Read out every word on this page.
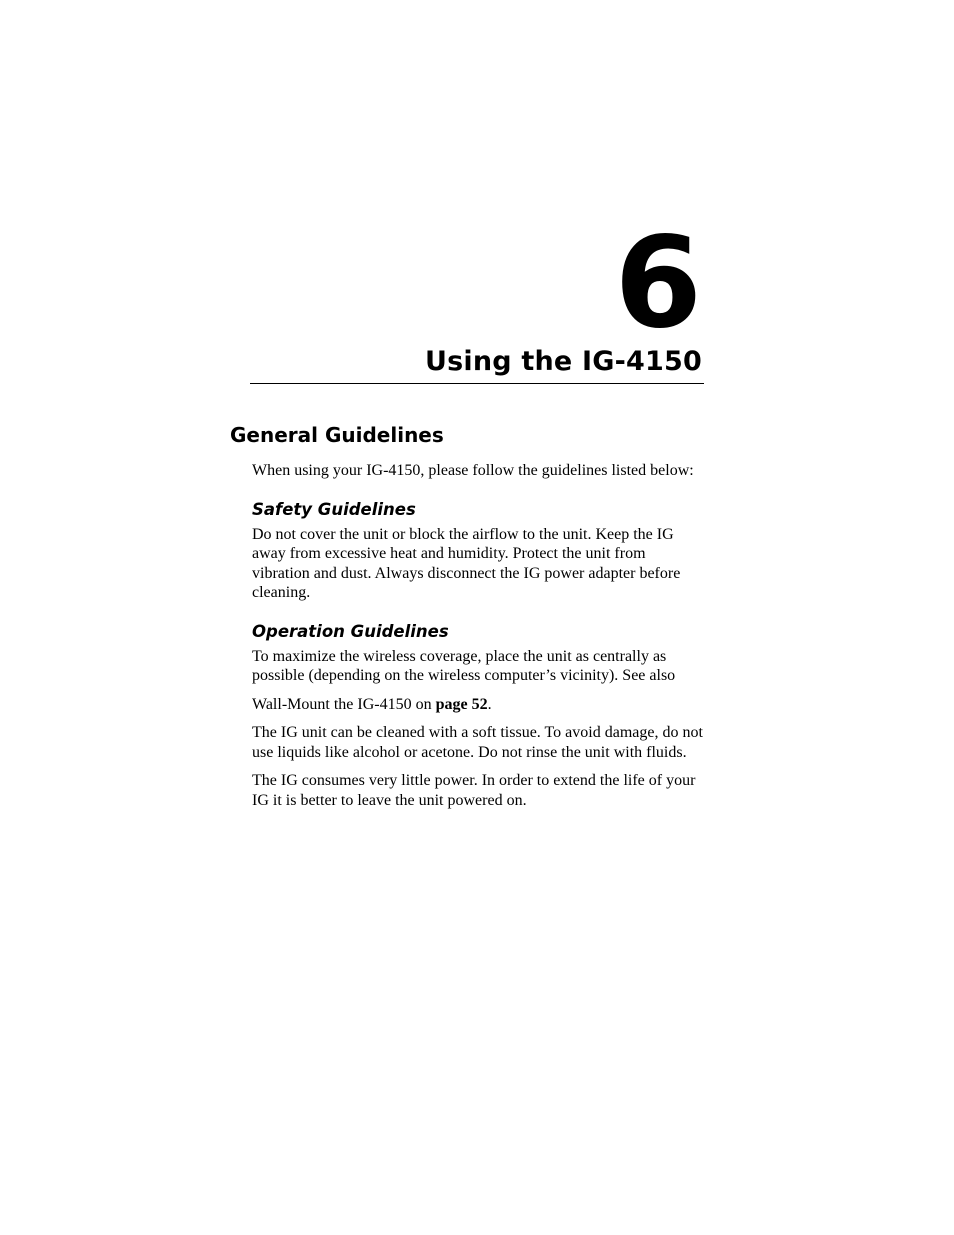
6
Using the IG-4150
General Guidelines

When using your IG-4150, please follow the guidelines listed below:

Safety Guidelines

Do not cover the unit or block the airflow to the unit. Keep the IG away from excessive heat and humidity. Protect the unit from vibration and dust. Always disconnect the IG power adapter before cleaning.

Operation Guidelines

To maximize the wireless coverage, place the unit as centrally as possible (depending on the wireless computer’s vicinity). See also

Wall-Mount the IG-4150 on page 52.

The IG unit can be cleaned with a soft tissue. To avoid damage, do not use liquids like alcohol or acetone. Do not rinse the unit with fluids.

The IG consumes very little power. In order to extend the life of your IG it is better to leave the unit powered on.
